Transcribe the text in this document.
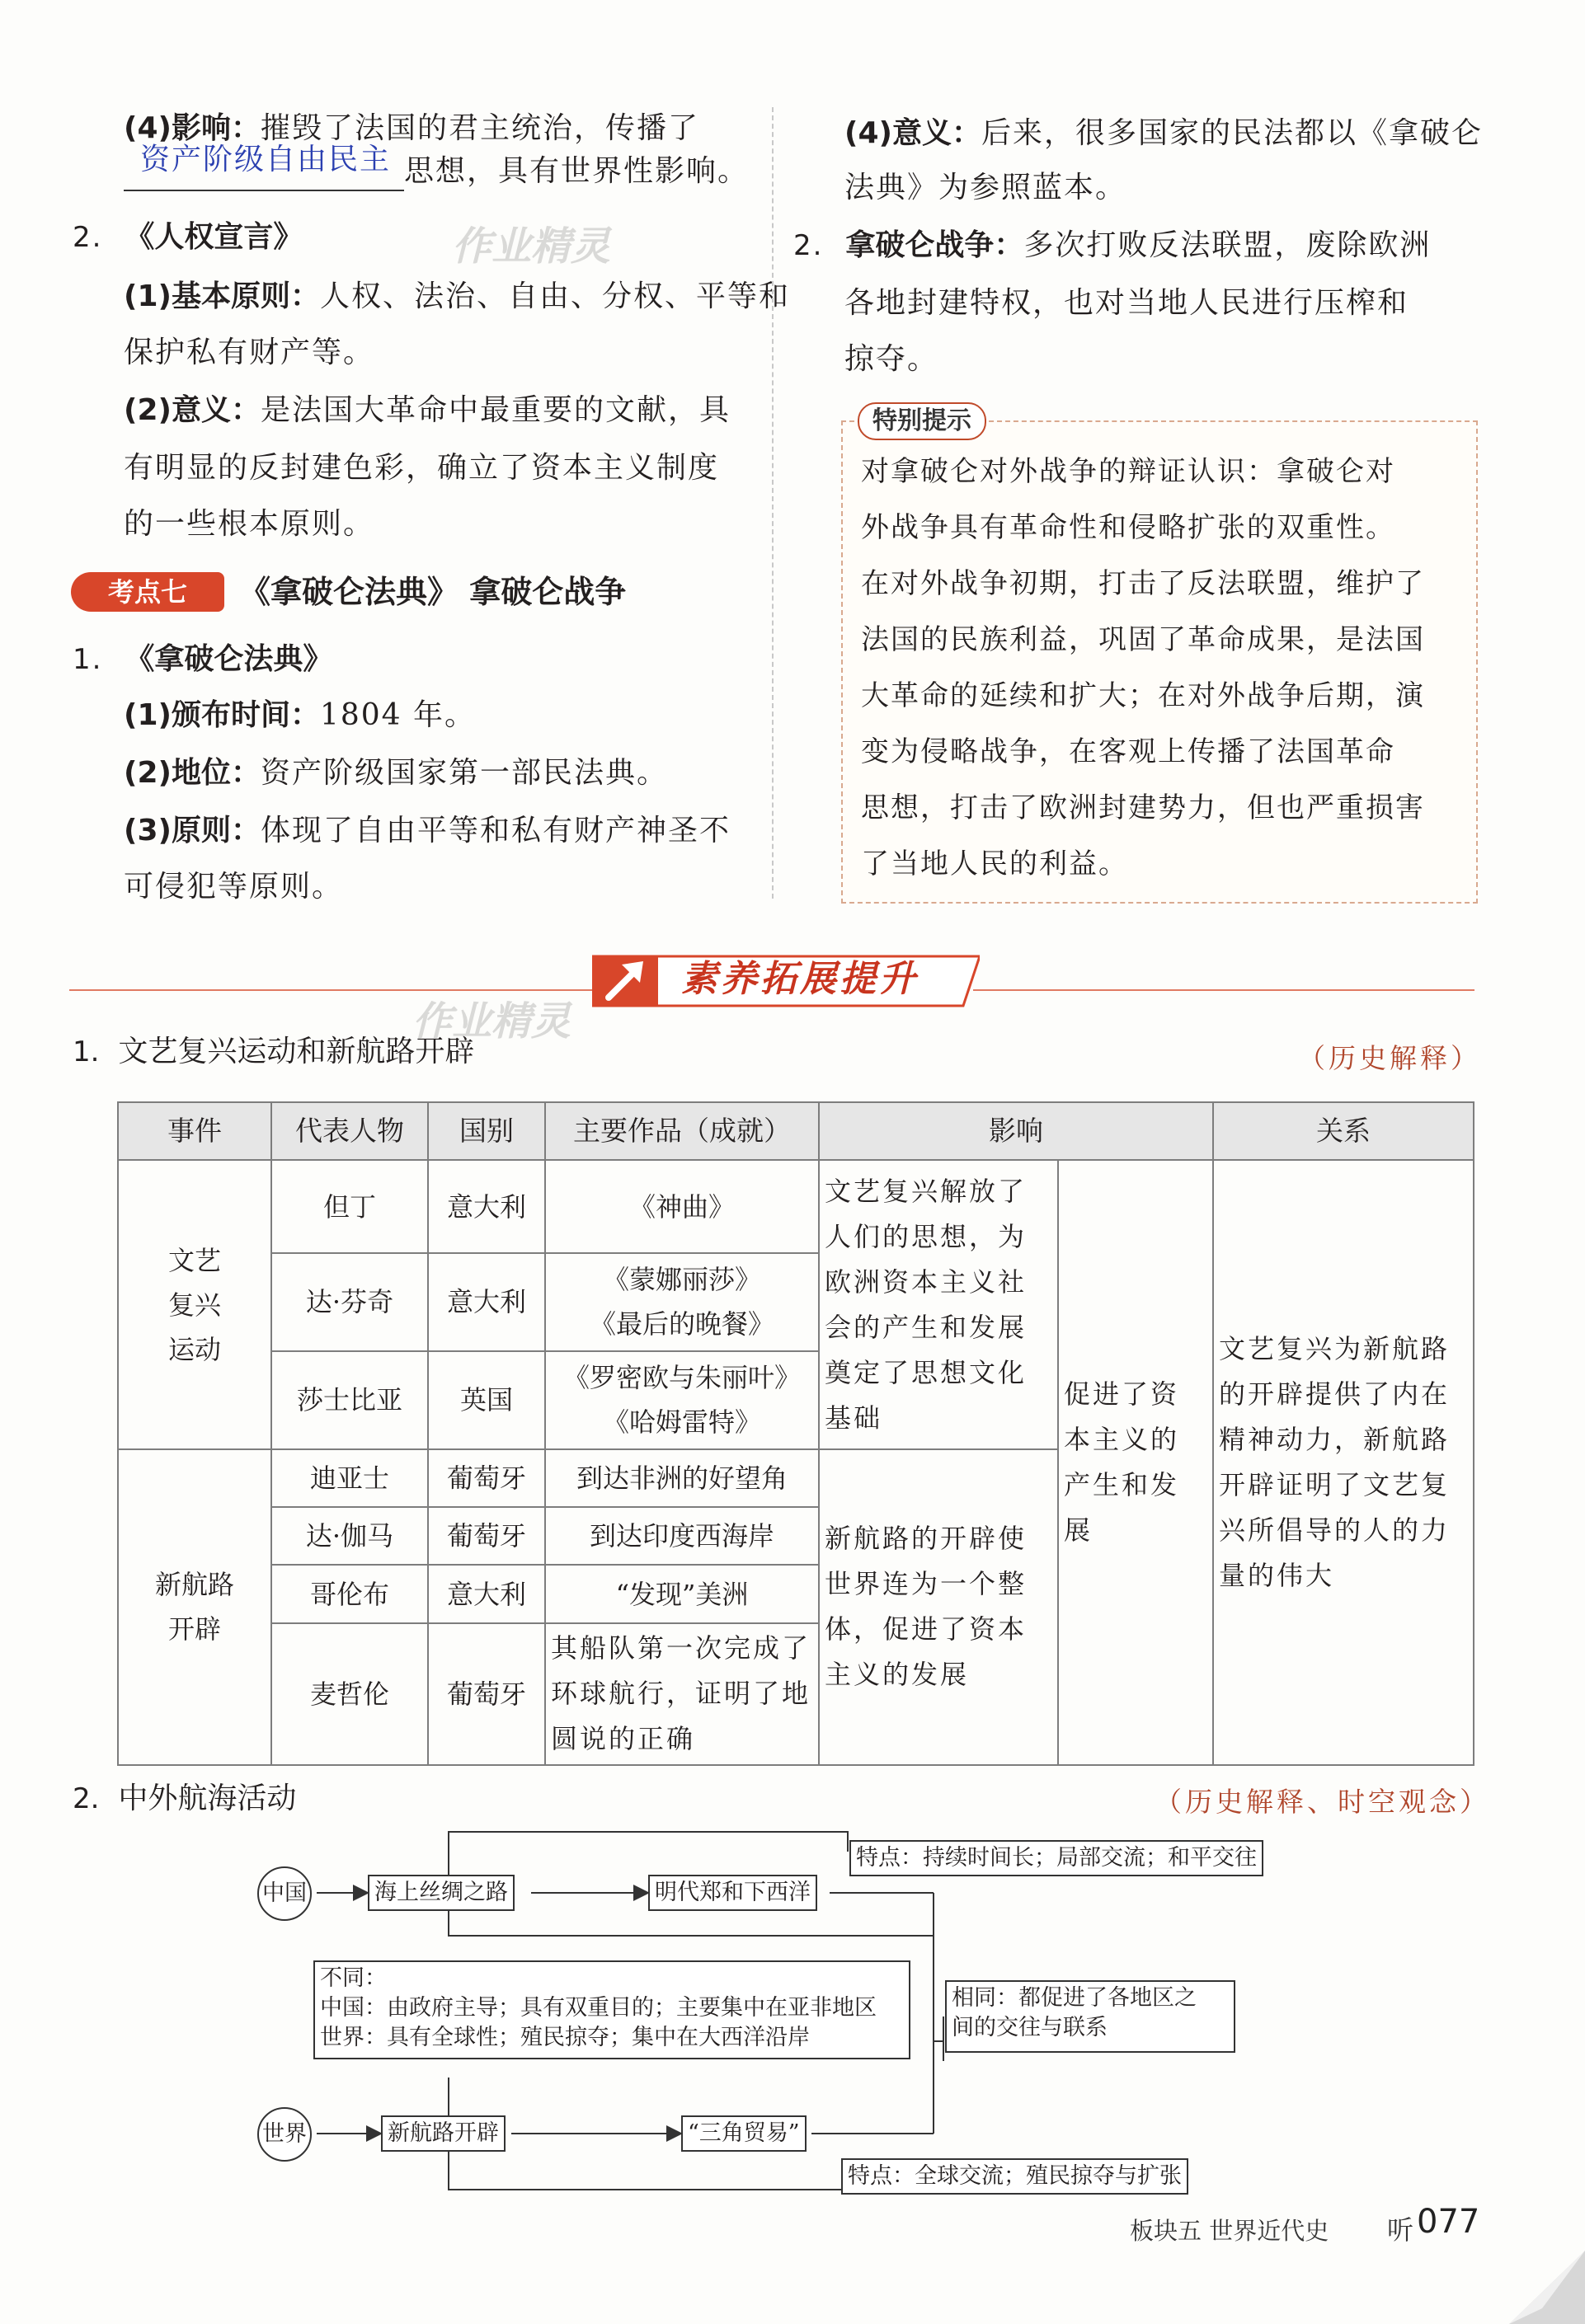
作业精灵
作业精灵
(4)影响：摧毁了法国的君主统治，传播了
资产阶级自由民主 思想，具有世界性影响。
2. 《人权宣言》
(1)基本原则：人权、法治、自由、分权、平等和
保护私有财产等。
(2)意义：是法国大革命中最重要的文献，具
有明显的反封建色彩，确立了资本主义制度
的一些根本原则。
考点七	《拿破仑法典》 拿破仑战争
1. 《拿破仑法典》
(1)颁布时间：1804 年。
(2)地位：资产阶级国家第一部民法典。
(3)原则：体现了自由平等和私有财产神圣不
可侵犯等原则。
(4)意义：后来，很多国家的民法都以《拿破仑
法典》为参照蓝本。
2. 拿破仑战争：多次打败反法联盟，废除欧洲
各地封建特权，也对当地人民进行压榨和
掠夺。
特别提示
对拿破仑对外战争的辩证认识：拿破仑对
外战争具有革命性和侵略扩张的双重性。
在对外战争初期，打击了反法联盟，维护了
法国的民族利益，巩固了革命成果，是法国
大革命的延续和扩大；在对外战争后期，演
变为侵略战争，在客观上传播了法国革命
思想，打击了欧洲封建势力，但也严重损害
了当地人民的利益。
素养拓展提升
1. 文艺复兴运动和新航路开辟	（历史解释）
事件	代表人物	国别	主要作品（成就）	影响		关系
文艺
复兴
运动	但丁	意大利	《神曲》	文艺复兴解放了人们的思想，为欧洲资本主义社会的产生和发展奠定了思想文化基础	促进了资本主义的产生和发展	文艺复兴为新航路的开辟提供了内在精神动力，新航路开辟证明了文艺复兴所倡导的人的力量的伟大
	达·芬奇	意大利	《蒙娜丽莎》
《最后的晚餐》			
	莎士比亚	英国	《罗密欧与朱丽叶》
《哈姆雷特》			
新航路
开辟	迪亚士	葡萄牙	到达非洲的好望角	新航路的开辟使世界连为一个整体，促进了资本主义的发展		
	达·伽马	葡萄牙	到达印度西海岸			
	哥伦布	意大利	“发现”美洲			
	麦哲伦	葡萄牙	其船队第一次完成了环球航行，证明了地圆说的正确			
2. 中外航海活动	（历史解释、时空观念）
中国	海上丝绸之路	明代郑和下西洋
特点：持续时间长；局部交流；和平交往
不同：
中国：由政府主导；具有双重目的；主要集中在亚非地区
世界：具有全球性；殖民掠夺；集中在大西洋沿岸
相同：都促进了各地区之
间的交往与联系
世界	新航路开辟	“三角贸易”
特点：全球交流；殖民掠夺与扩张
板块五 世界近代史 听 077
